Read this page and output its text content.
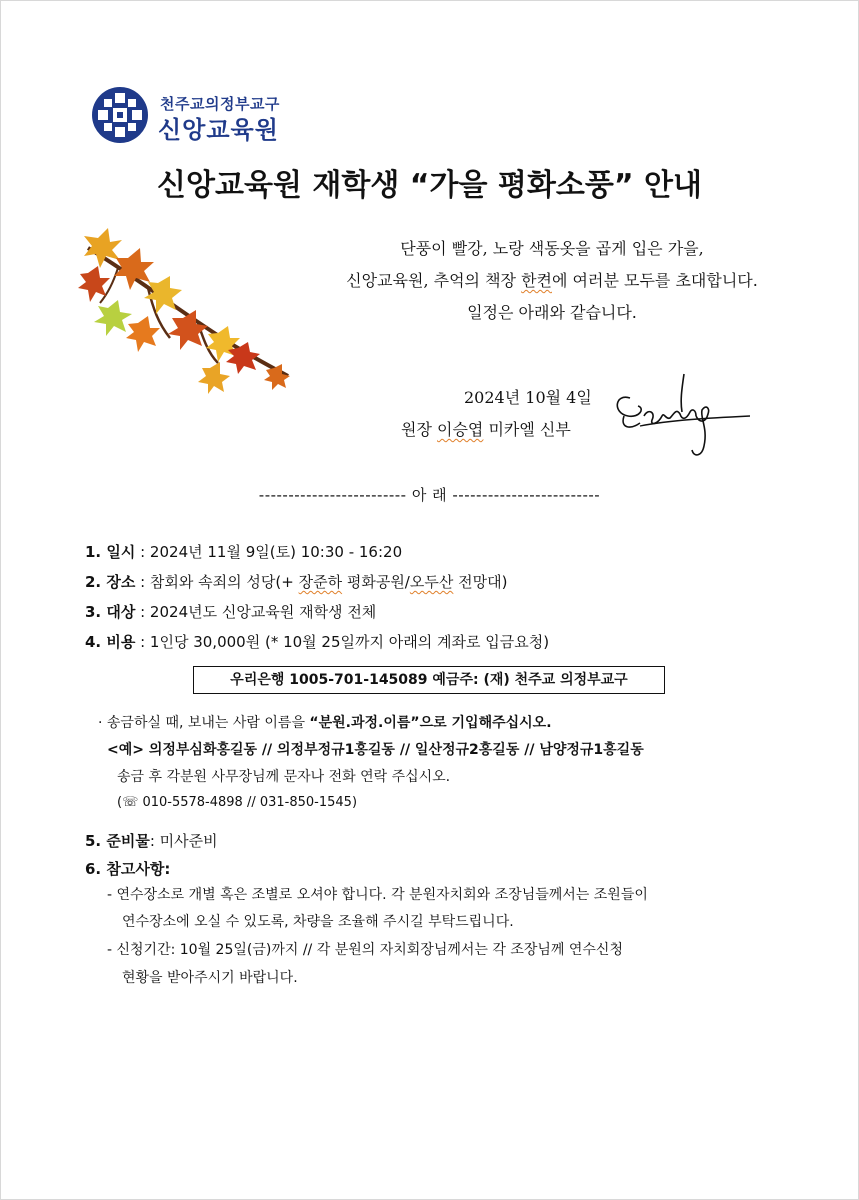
천주교의정부교구
신앙교육원
신앙교육원 재학생 “가을 평화소풍” 안내
단풍이 빨강, 노랑 색동옷을 곱게 입은 가을,
신앙교육원, 추억의 책장 한켠에 여러분 모두를 초대합니다.
일정은 아래와 같습니다.
2024년 10월 4일
원장 이승엽 미카엘 신부
------------------------- 아 래 -------------------------
1. 일시 : 2024년 11월 9일(토) 10:30 - 16:20
2. 장소 : 참회와 속죄의 성당(+ 장준하 평화공원/오두산 전망대)
3. 대상 : 2024년도 신앙교육원 재학생 전체
4. 비용 : 1인당 30,000원 (* 10월 25일까지 아래의 계좌로 입금요청)
우리은행 1005-701-145089 예금주: (재) 천주교 의정부교구
· 송금하실 때, 보내는 사람 이름을 “분원.과정.이름”으로 기입해주십시오.
<예> 의정부심화홍길동 // 의정부정규1홍길동 // 일산정규2홍길동 // 남양정규1홍길동
송금 후 각분원 사무장님께 문자나 전화 연락 주십시오.
(☏ 010-5578-4898 // 031-850-1545)
5. 준비물: 미사준비
6. 참고사항:
- 연수장소로 개별 혹은 조별로 오셔야 합니다. 각 분원자치회와 조장님들께서는 조원들이
연수장소에 오실 수 있도록, 차량을 조율해 주시길 부탁드립니다.
- 신청기간: 10월 25일(금)까지 // 각 분원의 자치회장님께서는 각 조장님께 연수신청
현황을 받아주시기 바랍니다.
